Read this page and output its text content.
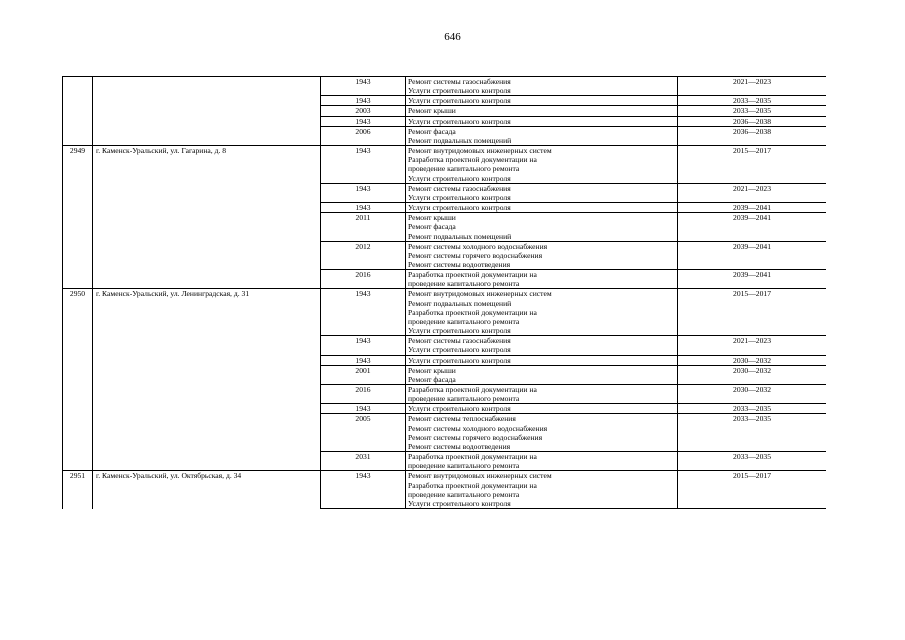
646
		1943	Ремонт системы газоснабжения
Услуги строительного контроля	2021—2023
		1943	Услуги строительного контроля	2033—2035
		2003	Ремонт крыши	2033—2035
		1943	Услуги строительного контроля	2036—2038
		2006	Ремонт фасада
Ремонт подвальных помещений	2036—2038
2949	г. Каменск-Уральский, ул. Гагарина, д. 8	1943	Ремонт внутридомовых инженерных систем
Разработка проектной документации на
проведение капитального ремонта
Услуги строительного контроля	2015—2017
		1943	Ремонт системы газоснабжения
Услуги строительного контроля	2021—2023
		1943	Услуги строительного контроля	2039—2041
		2011	Ремонт крыши
Ремонт фасада
Ремонт подвальных помещений	2039—2041
		2012	Ремонт системы холодного водоснабжения
Ремонт системы горячего водоснабжения
Ремонт системы водоотведения	2039—2041
		2016	Разработка проектной документации на
проведение капитального ремонта	2039—2041
2950	г. Каменск-Уральский, ул. Ленинградская, д. 31	1943	Ремонт внутридомовых инженерных систем
Ремонт подвальных помещений
Разработка проектной документации на
проведение капитального ремонта
Услуги строительного контроля	2015—2017
		1943	Ремонт системы газоснабжения
Услуги строительного контроля	2021—2023
		1943	Услуги строительного контроля	2030—2032
		2001	Ремонт крыши
Ремонт фасада	2030—2032
		2016	Разработка проектной документации на
проведение капитального ремонта	2030—2032
		1943	Услуги строительного контроля	2033—2035
		2005	Ремонт системы теплоснабжения
Ремонт системы холодного водоснабжения
Ремонт системы горячего водоснабжения
Ремонт системы водоотведения	2033—2035
		2031	Разработка проектной документации на
проведение капитального ремонта	2033—2035
2951	г. Каменск-Уральский, ул. Октябрьская, д. 34	1943	Ремонт внутридомовых инженерных систем
Разработка проектной документации на
проведение капитального ремонта
Услуги строительного контроля	2015—2017
